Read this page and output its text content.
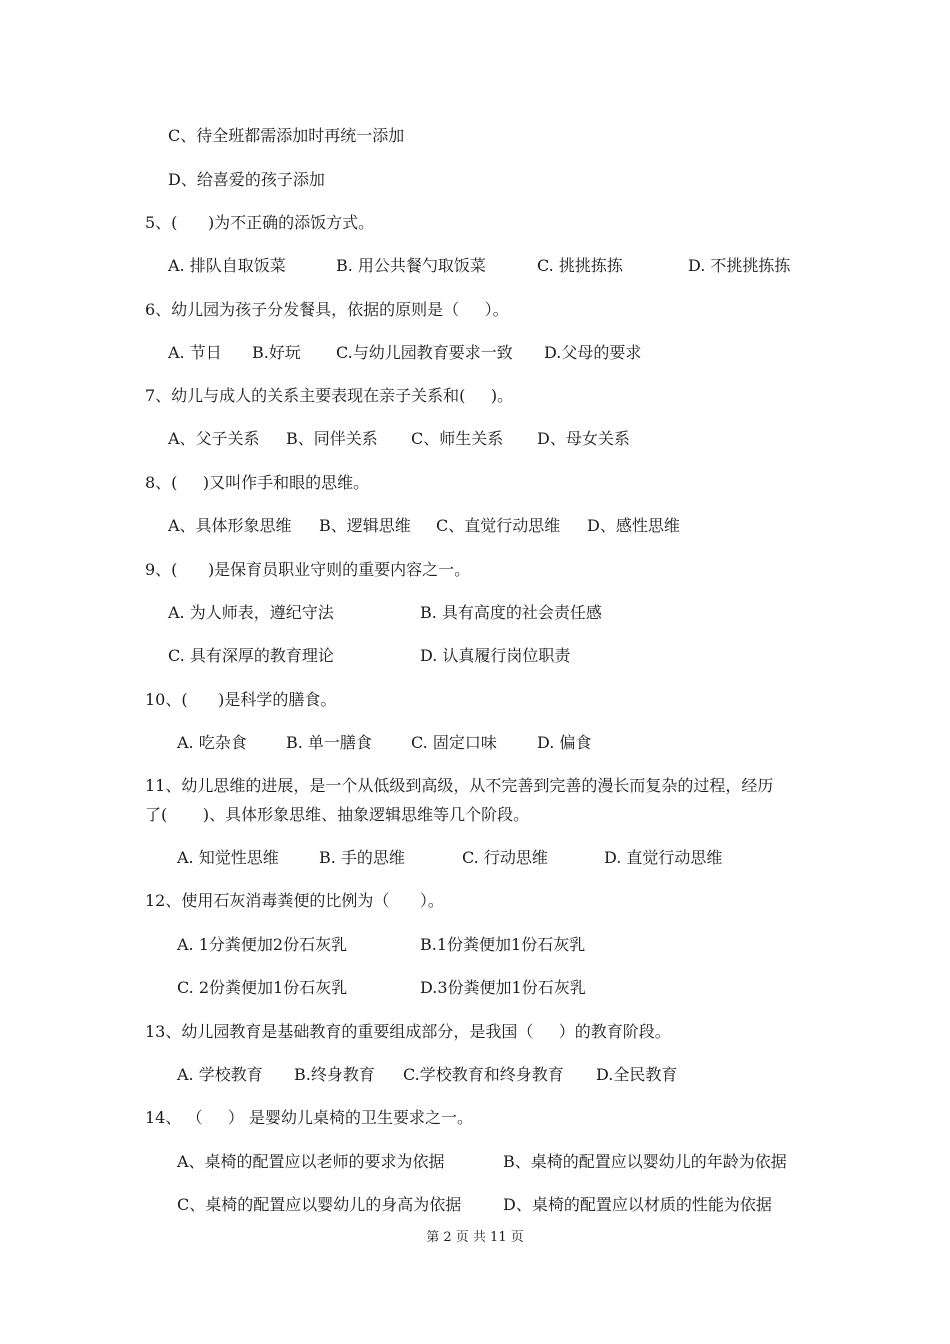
C、待全班都需添加时再统一添加
D、给喜爱的孩子添加
5、(      )为不正确的添饭方式。
A. 排队自取饭菜	B. 用公共餐勺取饭菜	C. 挑挑拣拣	D. 不挑挑拣拣
6、幼儿园为孩子分发餐具，依据的原则是（     ）。
A. 节日 B.好玩 C.与幼儿园教育要求一致 D.父母的要求
7、幼儿与成人的关系主要表现在亲子关系和(     )。
A、父子关系 B、同伴关系 C、师生关系 D、母女关系
8、(     )又叫作手和眼的思维。
A、具体形象思维 B、逻辑思维 C、直觉行动思维 D、感性思维
9、(      )是保育员职业守则的重要内容之一。
A. 为人师表，遵纪守法	B. 具有高度的社会责任感
C. 具有深厚的教育理论	D. 认真履行岗位职责
10、(      )是科学的膳食。
A. 吃杂食 B. 单一膳食 C. 固定口味	D. 偏食
11、幼儿思维的进展，是一个从低级到高级，从不完善到完善的漫长而复杂的过程，经历
了(       )、具体形象思维、抽象逻辑思维等几个阶段。
A. 知觉性思维	B. 手的思维	C. 行动思维	D. 直觉行动思维
12、使用石灰消毒粪便的比例为（      ）。
A. 1分粪便加2份石灰乳	B.1份粪便加1份石灰乳
C. 2份粪便加1份石灰乳	D.3份粪便加1份石灰乳
13、幼儿园教育是基础教育的重要组成部分，是我国（     ）的教育阶段。
A. 学校教育 B.终身教育 C.学校教育和终身教育 D.全民教育
14、 （     ） 是婴幼儿桌椅的卫生要求之一。
A、桌椅的配置应以老师的要求为依据	B、桌椅的配置应以婴幼儿的年龄为依据
C、桌椅的配置应以婴幼儿的身高为依据	D、桌椅的配置应以材质的性能为依据
第 2 页 共 11 页
